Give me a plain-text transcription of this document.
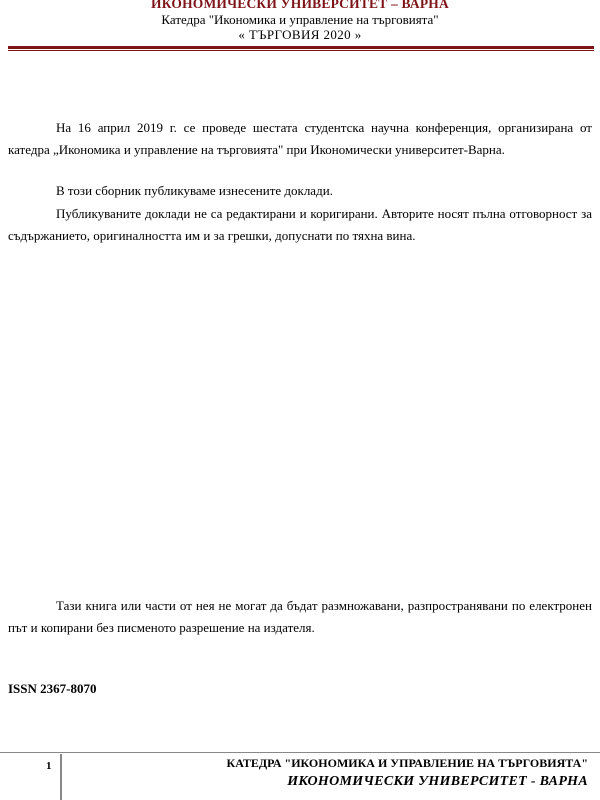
ИКОНОМИЧЕСКИ УНИВЕРСИТЕТ – ВАРНА
Катедра "Икономика и управление на търговията"
« ТЪРГОВИЯ 2020 »

На 16 април 2019 г. се проведе шестата студентска научна конференция, организирана от катедра „Икономика и управление на търговията" при Икономически университет-Варна.

В този сборник публикуваме изнесените доклади.

Публикуваните доклади не са редактирани и коригирани. Авторите носят пълна отговорност за съдържанието, оригиналността им и за грешки, допуснати по тяхна вина.

Тази книга или части от нея не могат да бъдат размножавани, разпространявани по електронен път и копирани без писменото разрешение на издателя.

ISSN 2367-8070
1	КАТЕДРА "ИКОНОМИКА И УПРАВЛЕНИЕ НА ТЪРГОВИЯТА"
ИКОНОМИЧЕСКИ УНИВЕРСИТЕТ - ВАРНА
